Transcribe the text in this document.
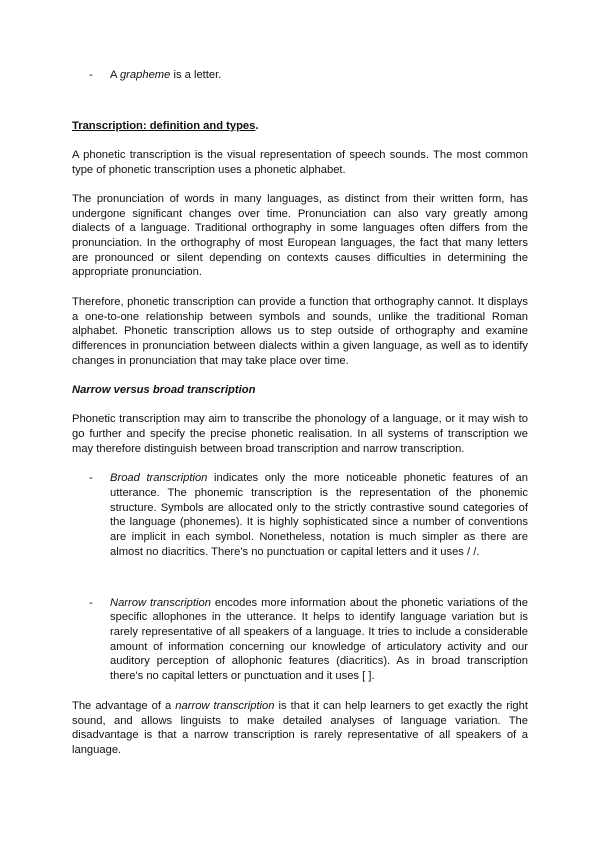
- A grapheme is a letter.

Transcription: definition and types.

A phonetic transcription is the visual representation of speech sounds. The most common type of phonetic transcription uses a phonetic alphabet.

The pronunciation of words in many languages, as distinct from their written form, has undergone significant changes over time. Pronunciation can also vary greatly among dialects of a language. Traditional orthography in some languages often differs from the pronunciation. In the orthography of most European languages, the fact that many letters are pronounced or silent depending on contexts causes difficulties in determining the appropriate pronunciation.

Therefore, phonetic transcription can provide a function that orthography cannot. It displays a one-to-one relationship between symbols and sounds, unlike the traditional Roman alphabet. Phonetic transcription allows us to step outside of orthography and examine differences in pronunciation between dialects within a given language, as well as to identify changes in pronunciation that may take place over time.

Narrow versus broad transcription

Phonetic transcription may aim to transcribe the phonology of a language, or it may wish to go further and specify the precise phonetic realisation. In all systems of transcription we may therefore distinguish between broad transcription and narrow transcription.

- Broad transcription indicates only the more noticeable phonetic features of an utterance. The phonemic transcription is the representation of the phonemic structure. Symbols are allocated only to the strictly contrastive sound categories of the language (phonemes). It is highly sophisticated since a number of conventions are implicit in each symbol. Nonetheless, notation is much simpler as there are almost no diacritics. There's no punctuation or capital letters and it uses / /.

- Narrow transcription encodes more information about the phonetic variations of the specific allophones in the utterance. It helps to identify language variation but is rarely representative of all speakers of a language. It tries to include a considerable amount of information concerning our knowledge of articulatory activity and our auditory perception of allophonic features (diacritics). As in broad transcription there's no capital letters or punctuation and it uses [ ].

The advantage of a narrow transcription is that it can help learners to get exactly the right sound, and allows linguists to make detailed analyses of language variation. The disadvantage is that a narrow transcription is rarely representative of all speakers of a language.
